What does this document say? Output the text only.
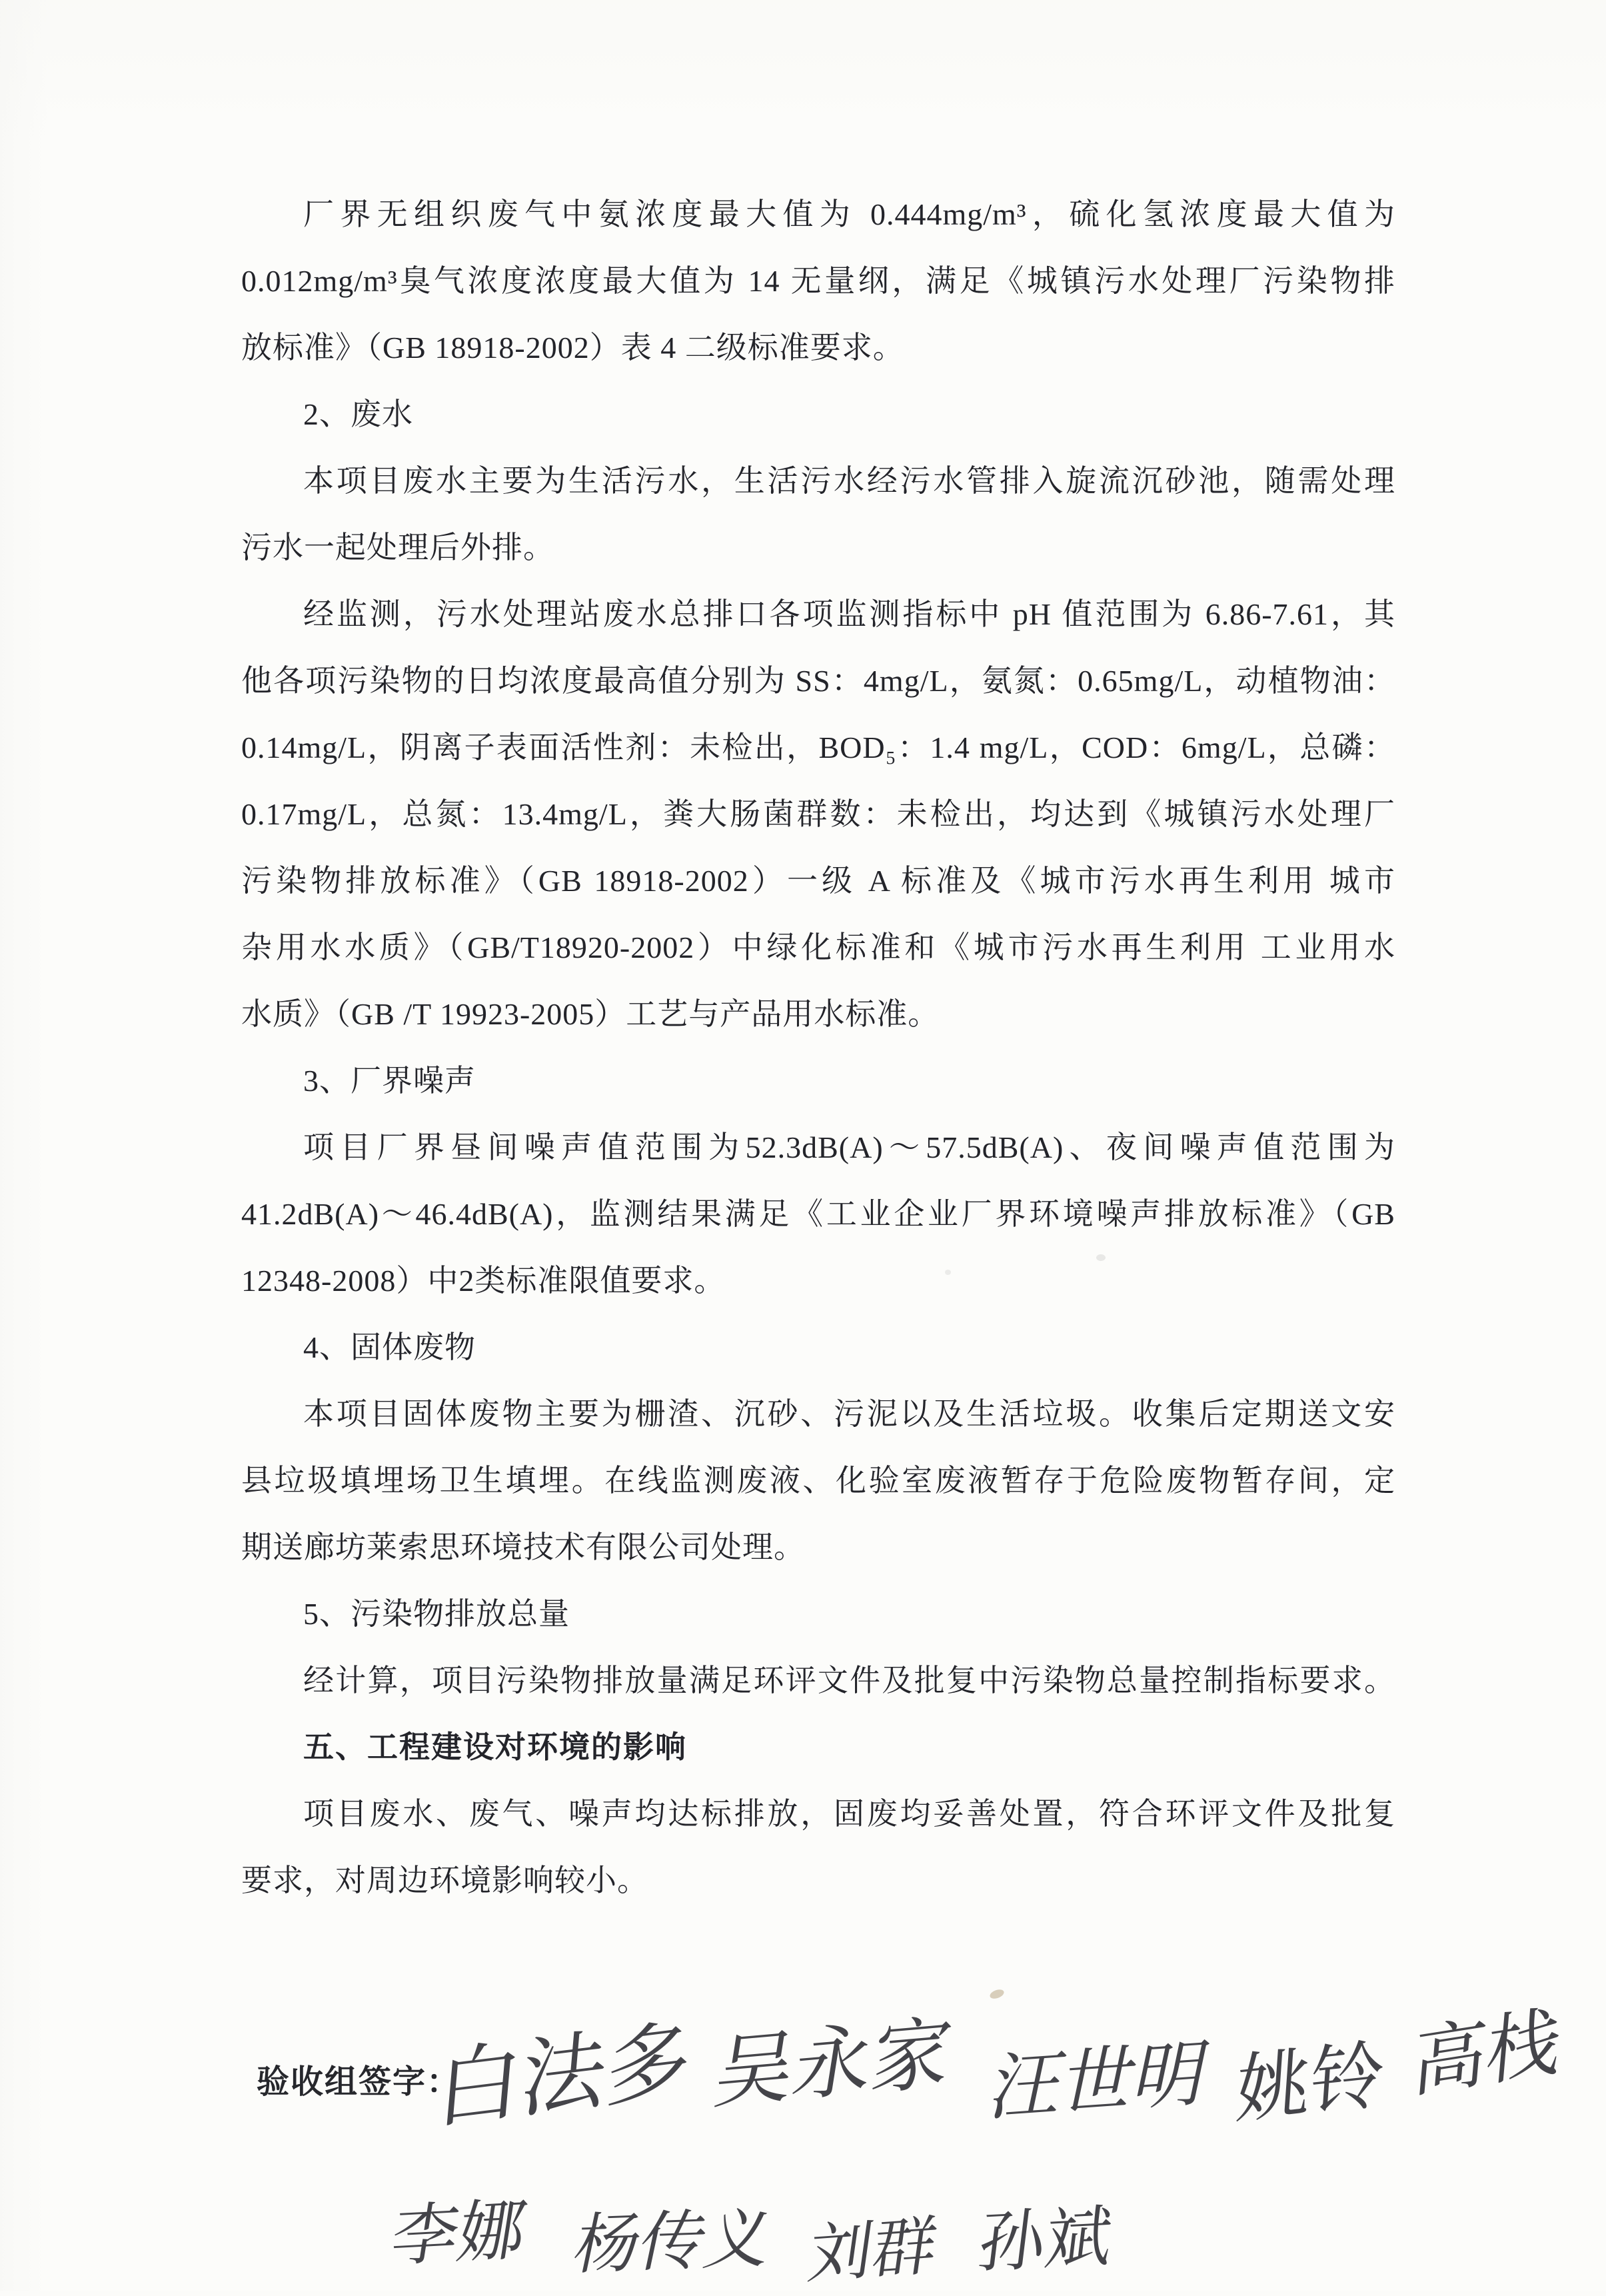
厂界无组织废气中氨浓度最大值为 0.444mg/m³，硫化氢浓度最大值为
0.012mg/m³臭气浓度浓度最大值为 14 无量纲，满足《城镇污水处理厂污染物排
放标准》（GB 18918-2002）表 4 二级标准要求。
2、废水
本项目废水主要为生活污水，生活污水经污水管排入旋流沉砂池，随需处理
污水一起处理后外排。
经监测，污水处理站废水总排口各项监测指标中 pH 值范围为 6.86-7.61，其
他各项污染物的日均浓度最高值分别为 SS：4mg/L，氨氮：0.65mg/L，动植物油：
0.14mg/L，阴离子表面活性剂：未检出，BOD₅：1.4 mg/L，COD：6mg/L，总磷：
0.17mg/L，总氮：13.4mg/L，粪大肠菌群数：未检出，均达到《城镇污水处理厂
污染物排放标准》（GB 18918-2002）一级 A 标准及《城市污水再生利用 城市
杂用水水质》（GB/T18920-2002）中绿化标准和《城市污水再生利用 工业用水
水质》（GB /T 19923-2005）工艺与产品用水标准。
3、厂界噪声
项目厂界昼间噪声值范围为52.3dB(A)～57.5dB(A)、夜间噪声值范围为
41.2dB(A)～46.4dB(A)，监测结果满足《工业企业厂界环境噪声排放标准》（GB
12348-2008）中2类标准限值要求。
4、固体废物
本项目固体废物主要为栅渣、沉砂、污泥以及生活垃圾。收集后定期送文安
县垃圾填埋场卫生填埋。在线监测废液、化验室废液暂存于危险废物暂存间，定
期送廊坊莱索思环境技术有限公司处理。
5、污染物排放总量
经计算，项目污染物排放量满足环评文件及批复中污染物总量控制指标要求。
五、工程建设对环境的影响
项目废水、废气、噪声均达标排放，固废均妥善处置，符合环评文件及批复
要求，对周边环境影响较小。
验收组签字：
白法多 吴永家 汪世明 姚铃 高栈
李娜 杨传义 刘群 孙斌
